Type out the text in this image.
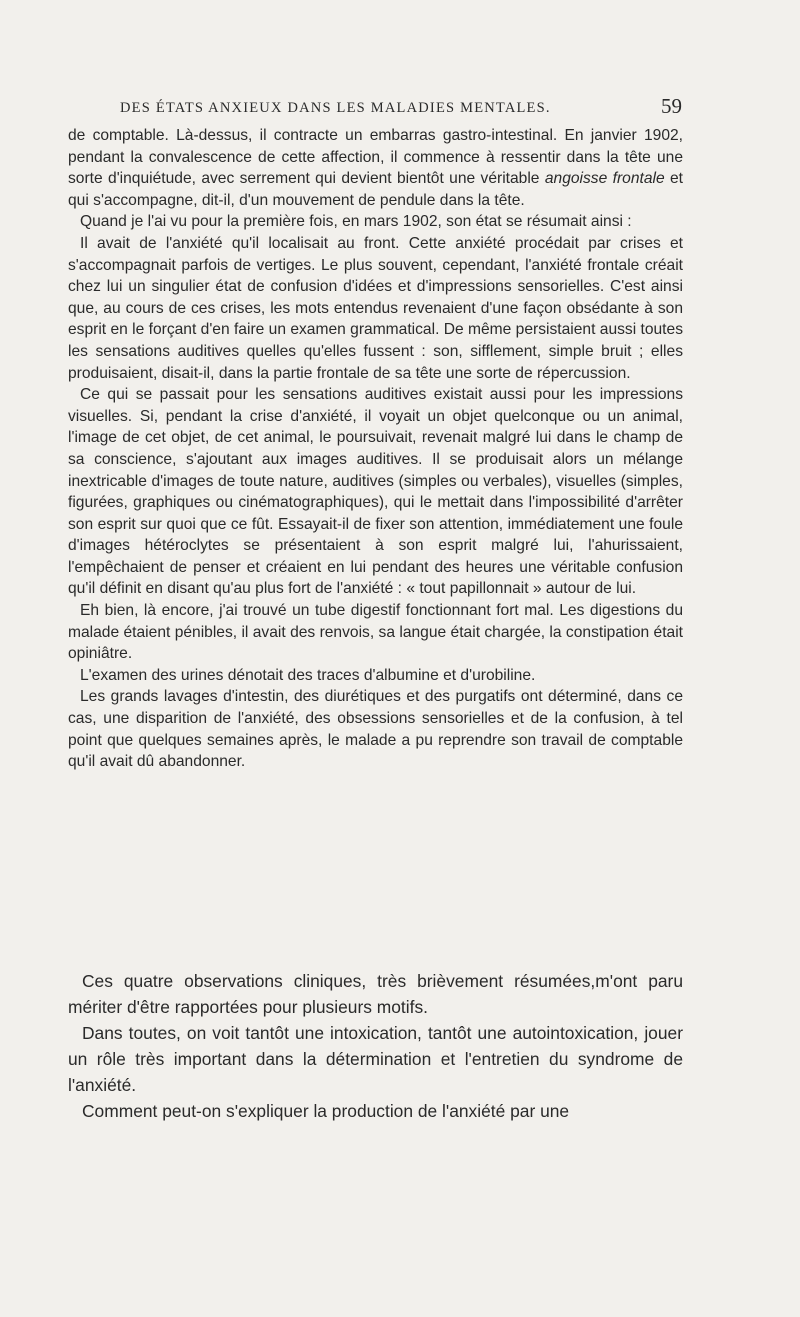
DES ÉTATS ANXIEUX DANS LES MALADIES MENTALES.	59

de comptable. Là-dessus, il contracte un embarras gastro-intestinal. En janvier 1902, pendant la convalescence de cette affection, il commence à ressentir dans la tête une sorte d'inquiétude, avec serrement qui devient bientôt une véritable angoisse frontale et qui s'accompagne, dit-il, d'un mouvement de pendule dans la tête.

Quand je l'ai vu pour la première fois, en mars 1902, son état se résumait ainsi :

Il avait de l'anxiété qu'il localisait au front. Cette anxiété procédait par crises et s'accompagnait parfois de vertiges. Le plus souvent, cependant, l'anxiété frontale créait chez lui un singulier état de confusion d'idées et d'impressions sensorielles. C'est ainsi que, au cours de ces crises, les mots entendus revenaient d'une façon obsédante à son esprit en le forçant d'en faire un examen grammatical. De même persistaient aussi toutes les sensations auditives quelles qu'elles fussent : son, sifflement, simple bruit ; elles produisaient, disait-il, dans la partie frontale de sa tête une sorte de répercussion.

Ce qui se passait pour les sensations auditives existait aussi pour les impressions visuelles. Si, pendant la crise d'anxiété, il voyait un objet quelconque ou un animal, l'image de cet objet, de cet animal, le poursuivait, revenait malgré lui dans le champ de sa conscience, s'ajoutant aux images auditives. Il se produisait alors un mélange inextricable d'images de toute nature, auditives (simples ou verbales), visuelles (simples, figurées, graphiques ou cinématographiques), qui le mettait dans l'impossibilité d'arrêter son esprit sur quoi que ce fût. Essayait-il de fixer son attention, immédiatement une foule d'images hétéroclytes se présentaient à son esprit malgré lui, l'ahurissaient, l'empêchaient de penser et créaient en lui pendant des heures une véritable confusion qu'il définit en disant qu'au plus fort de l'anxiété : « tout papillonnait » autour de lui.

Eh bien, là encore, j'ai trouvé un tube digestif fonctionnant fort mal. Les digestions du malade étaient pénibles, il avait des renvois, sa langue était chargée, la constipation était opiniâtre.

L'examen des urines dénotait des traces d'albumine et d'urobiline.

Les grands lavages d'intestin, des diurétiques et des purgatifs ont déterminé, dans ce cas, une disparition de l'anxiété, des obsessions sensorielles et de la confusion, à tel point que quelques semaines après, le malade a pu reprendre son travail de comptable qu'il avait dû abandonner.

Ces quatre observations cliniques, très brièvement résumées,m'ont paru mériter d'être rapportées pour plusieurs motifs.

Dans toutes, on voit tantôt une intoxication, tantôt une autointoxication, jouer un rôle très important dans la détermination et l'entretien du syndrome de l'anxiété.

Comment peut-on s'expliquer la production de l'anxiété par une
